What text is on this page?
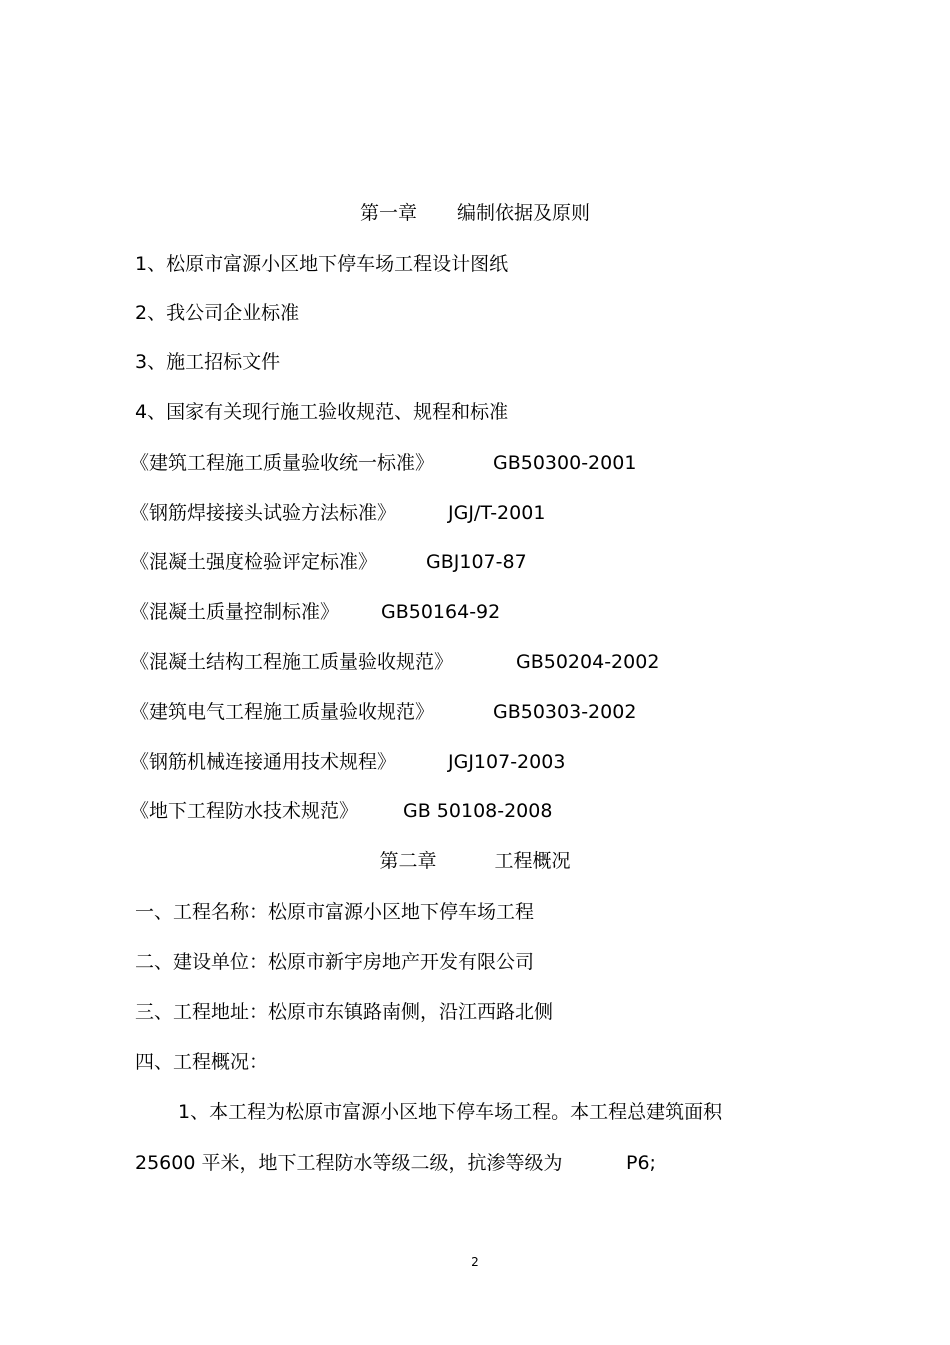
第一章 编制依据及原则
1、松原市富源小区地下停车场工程设计图纸
2、我公司企业标准
3、施工招标文件
4、国家有关现行施工验收规范、规程和标准
《建筑工程施工质量验收统一标准》	GB50300-2001
《钢筋焊接接头试验方法标准》	JGJ/T-2001
《混凝土强度检验评定标准》	GBJ107-87
《混凝土质量控制标准》 GB50164-92
《混凝土结构工程施工质量验收规范》	GB50204-2002
《建筑电气工程施工质量验收规范》	GB50303-2002
《钢筋机械连接通用技术规程》	JGJ107-2003
《地下工程防水技术规范》 GB 50108-2008
第二章	工程概况
一、工程名称：松原市富源小区地下停车场工程
二、建设单位：松原市新宇房地产开发有限公司
三、工程地址：松原市东镇路南侧，沿江西路北侧
四、工程概况：
1、本工程为松原市富源小区地下停车场工程。本工程总建筑面积
25600 平米，地下工程防水等级二级，抗渗等级为	P6;
2
